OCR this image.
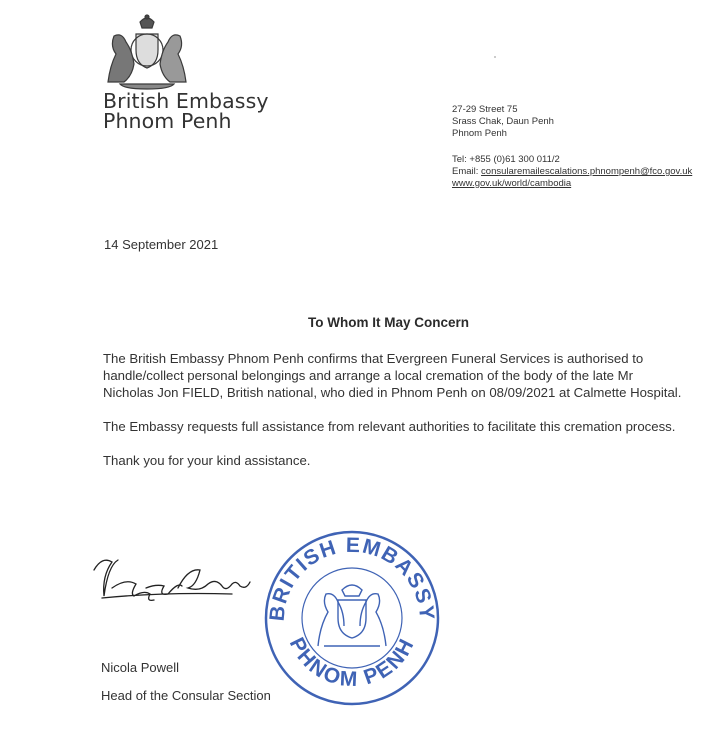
British Embassy
Phnom Penh	27-29 Street 75
Srass Chak, Daun Penh
Phnom Penh
Tel: +855 (0)61 300 011/2
Email: consularemailescalations.phnompenh@fco.gov.uk
www.gov.uk/world/cambodia
14 September 2021
To Whom It May Concern

The British Embassy Phnom Penh confirms that Evergreen Funeral Services is authorised to handle/collect personal belongings and arrange a local cremation of the body of the late Mr Nicholas Jon FIELD, British national, who died in Phnom Penh on 08/09/2021 at Calmette Hospital.

The Embassy requests full assistance from relevant authorities to facilitate this cremation process.

Thank you for your kind assistance.

BRITISH EMBASSY
PHNOM PENH
Nicola Powell
Head of the Consular Section
